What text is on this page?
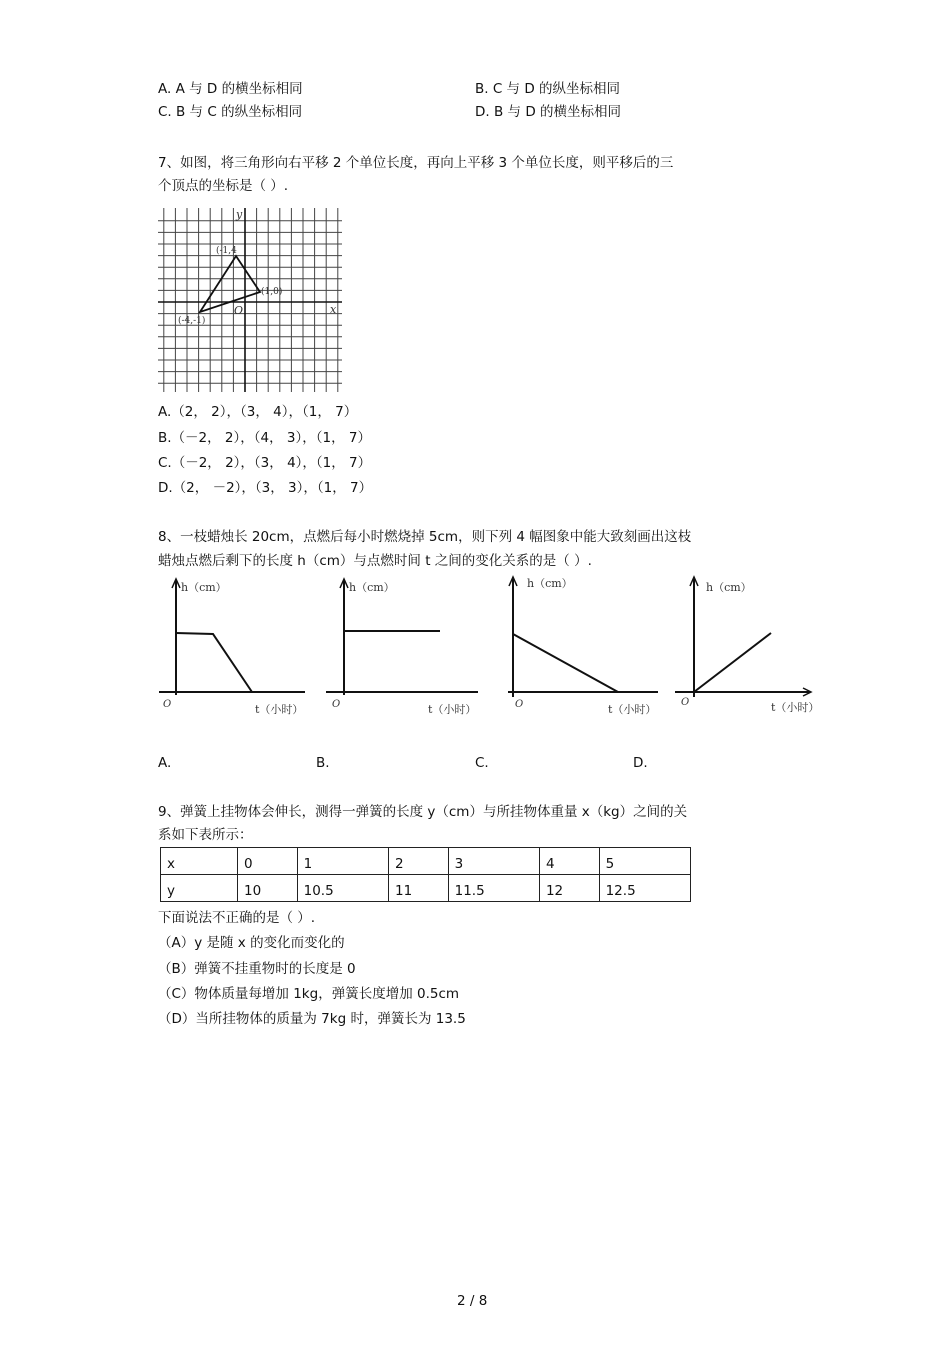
A. A 与 D 的横坐标相同	B. C 与 D 的纵坐标相同
C. B 与 C 的纵坐标相同	D. B 与 D 的横坐标相同
7、如图，将三角形向右平移 2 个单位长度，再向上平移 3 个单位长度，则平移后的三
个顶点的坐标是（ ）.
y
x
O
(-1,4
(1,0)
(-4,-1)
A.（2， 2），（3， 4），（1， 7）
B.（－2， 2），（4， 3），（1， 7）
C.（－2， 2），（3， 4），（1， 7）
D.（2， －2），（3， 3），（1， 7）
8、一枝蜡烛长 20cm，点燃后每小时燃烧掉 5cm，则下列 4 幅图象中能大致刻画出这枝
蜡烛点燃后剩下的长度 h（cm）与点燃时间 t 之间的变化关系的是（ ）.
h（cm）
O	t（小时）
h（cm）
O	t（小时）
h（cm）
O	t（小时）
h（cm）
O	t（小时）
A.	B.	C.	D.
9、弹簧上挂物体会伸长，测得一弹簧的长度 y（cm）与所挂物体重量 x（kg）之间的关
系如下表所示：
x	0	1	2	3	4	5
y	10	10.5	11	11.5	12	12.5
下面说法不正确的是（ ）.
（A）y 是随 x 的变化而变化的
（B）弹簧不挂重物时的长度是 0
（C）物体质量每增加 1kg，弹簧长度增加 0.5cm
（D）当所挂物体的质量为 7kg 时，弹簧长为 13.5
2 / 8
